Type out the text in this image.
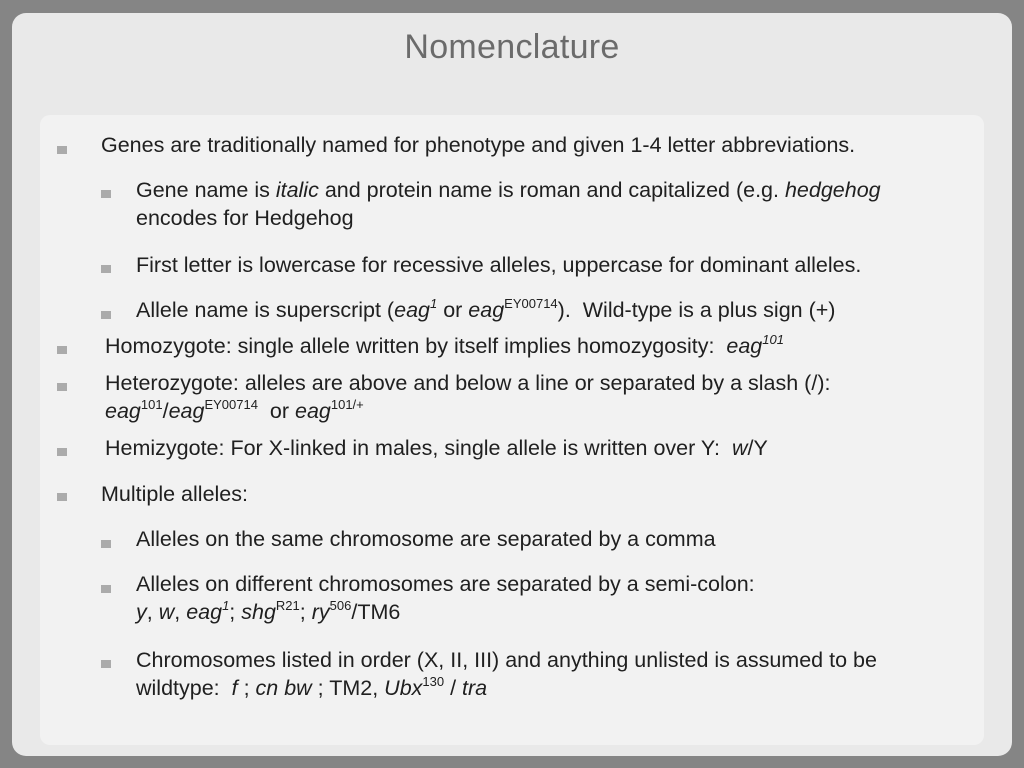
Nomenclature
Genes are traditionally named for phenotype and given 1-4 letter abbreviations.
Gene name is italic and protein name is roman and capitalized (e.g. hedgehog
encodes for Hedgehog
First letter is lowercase for recessive alleles, uppercase for dominant alleles.
Allele name is superscript (eag$^1$ or eag$^{EY00714}$).  Wild-type is a plus sign (+)
Homozygote: single allele written by itself implies homozygosity:  eag$^{101}$
Heterozygote: alleles are above and below a line or separated by a slash (/):
eag$^{101}$/eag$^{EY00714}$  or eag$^{101/+}$
Hemizygote: For X-linked in males, single allele is written over Y:  w/Y
Multiple alleles:
Alleles on the same chromosome are separated by a comma
Alleles on different chromosomes are separated by a semi-colon:
y, w, eag$^1$; shg$^{R21}$; $ry^{506}/TM6$
Chromosomes listed in order (X, II, III) and anything unlisted is assumed to be
wildtype:  f ; cn bw ; TM2, Ubx$^{130}$ / tra
